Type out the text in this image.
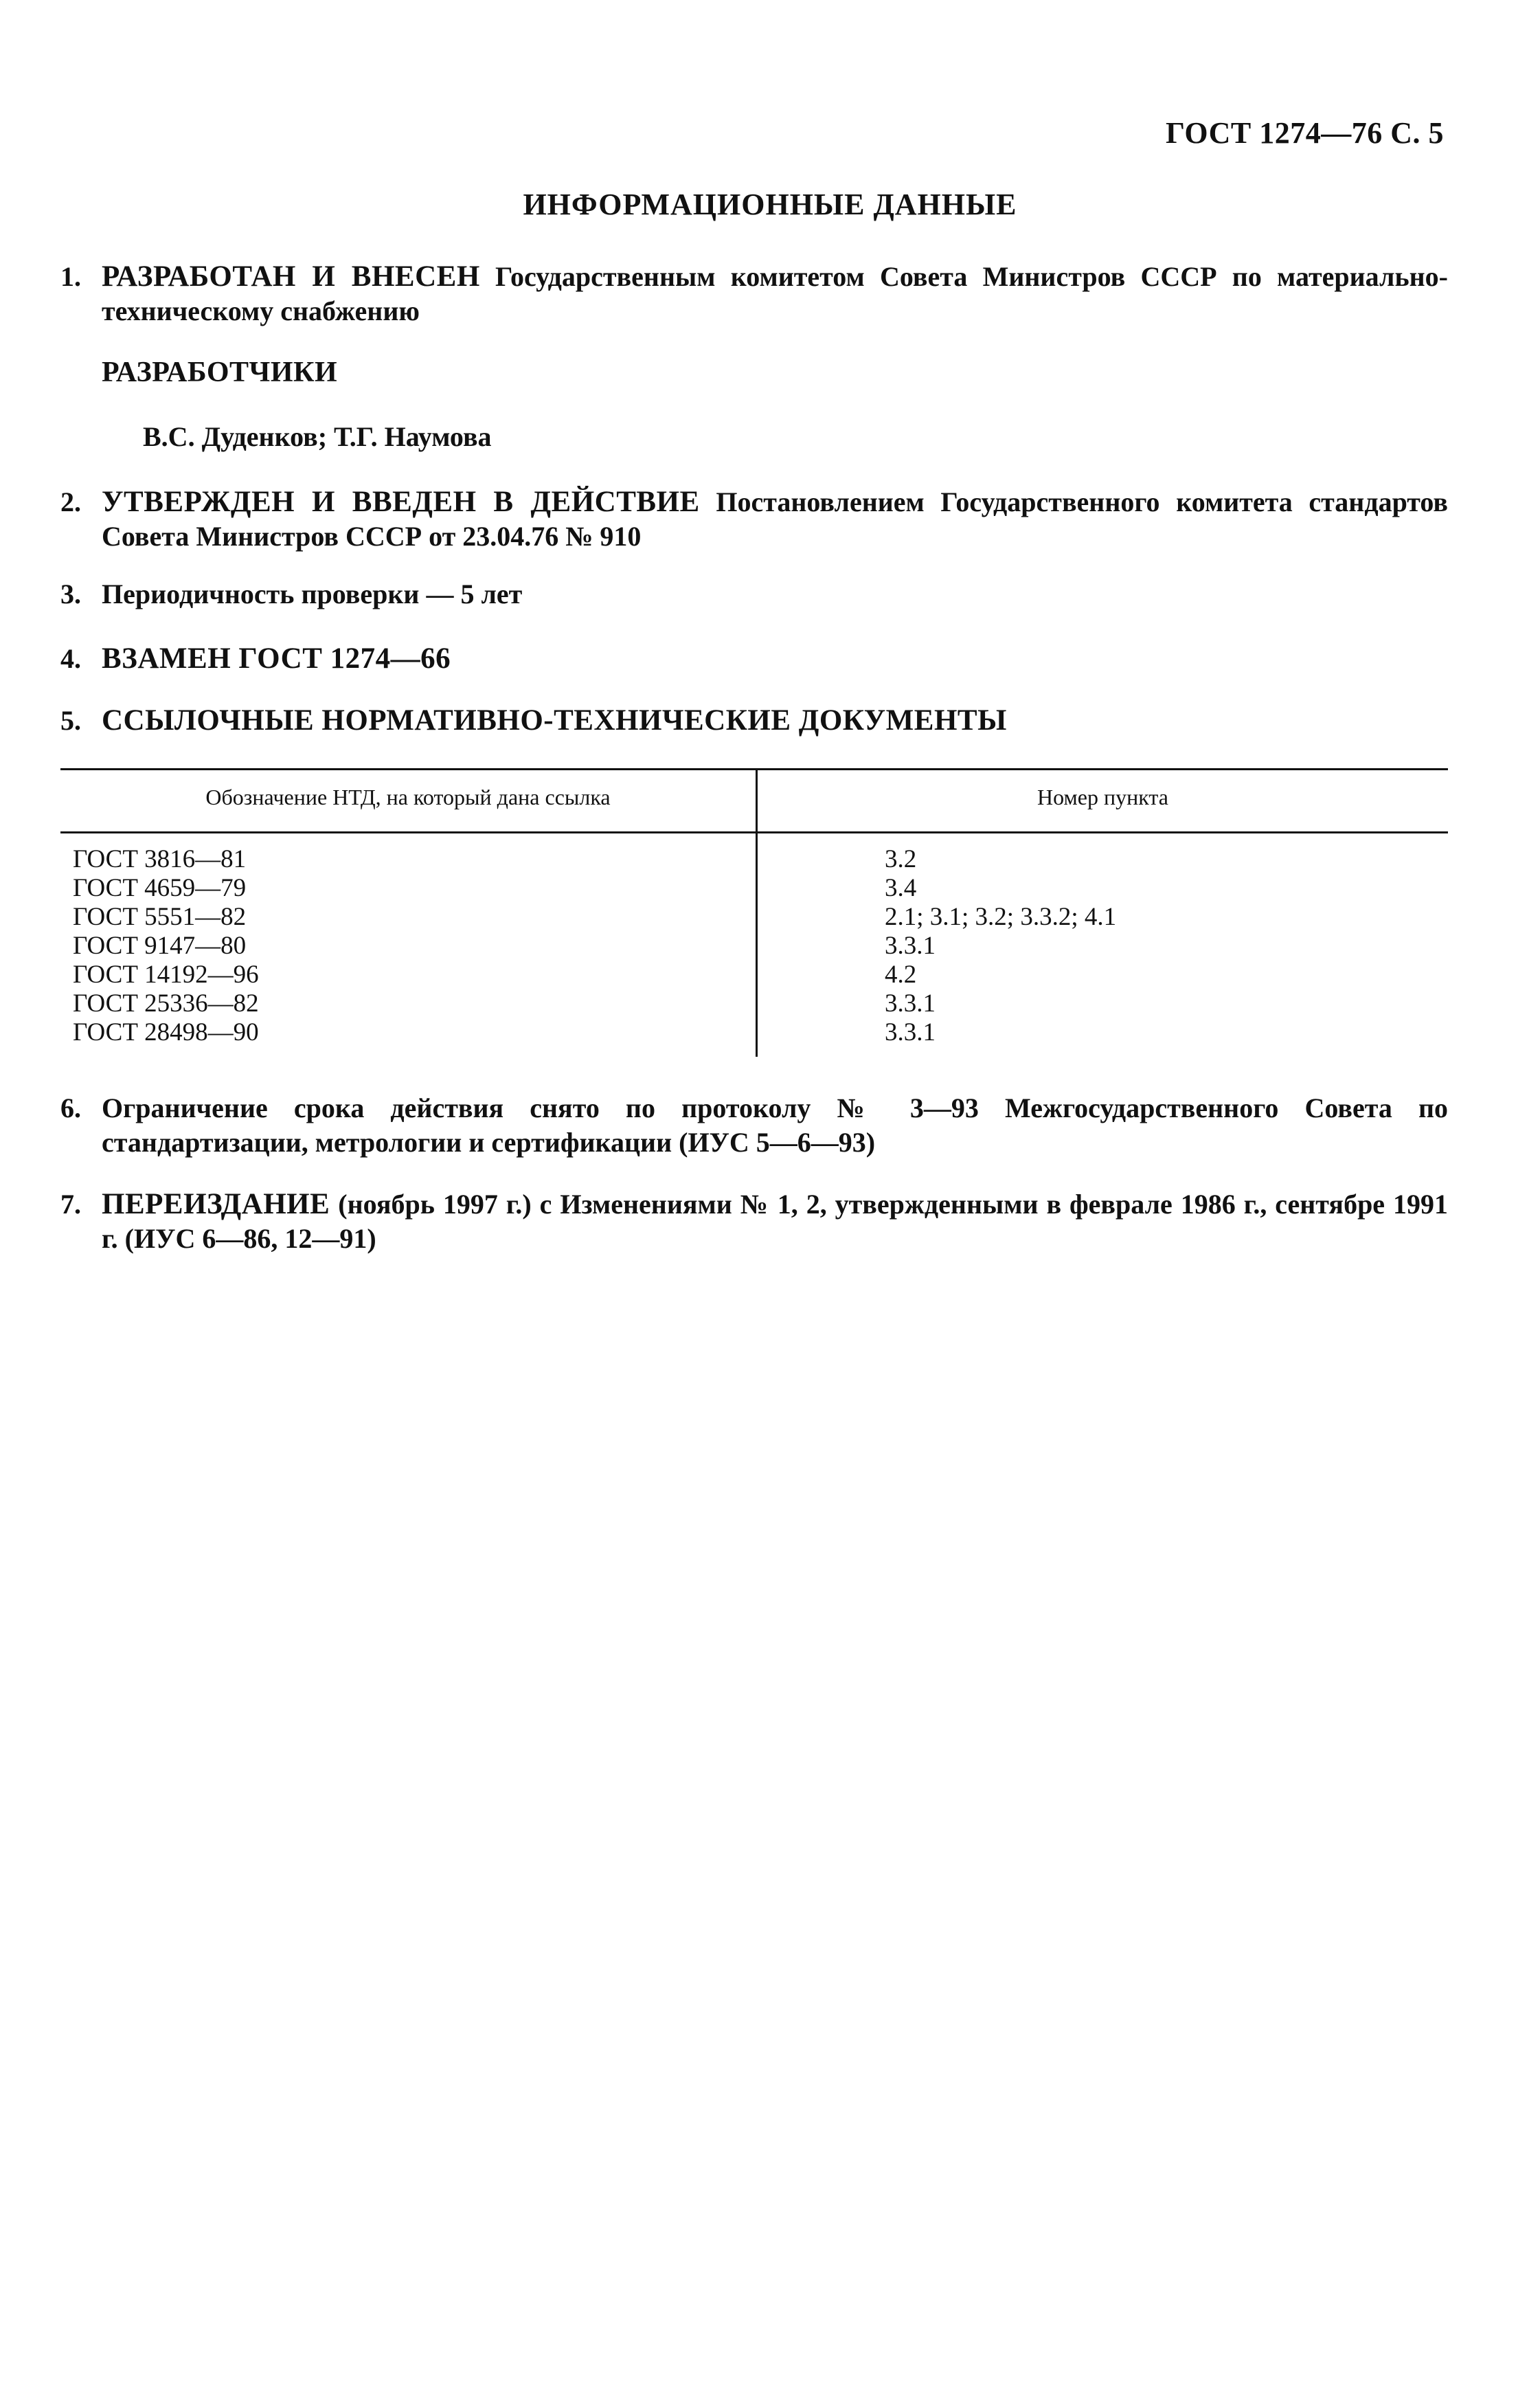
ГОСТ 1274—76 С. 5
ИНФОРМАЦИОННЫЕ ДАННЫЕ
1. РАЗРАБОТАН И ВНЕСЕН Государственным комитетом Совета Министров СССР по материально-техническому снабжению
РАЗРАБОТЧИКИ
В.С. Дуденков; Т.Г. Наумова
2. УТВЕРЖДЕН И ВВЕДЕН В ДЕЙСТВИЕ Постановлением Государственного комитета стандартов Совета Министров СССР от 23.04.76 № 910
3. Периодичность проверки — 5 лет
4. ВЗАМЕН ГОСТ 1274—66
5. ССЫЛОЧНЫЕ НОРМАТИВНО-ТЕХНИЧЕСКИЕ ДОКУМЕНТЫ
Обозначение НТД, на который дана ссылка	Номер пункта
ГОСТ 3816—81	3.2
ГОСТ 4659—79	3.4
ГОСТ 5551—82	2.1; 3.1; 3.2; 3.3.2; 4.1
ГОСТ 9147—80	3.3.1
ГОСТ 14192—96	4.2
ГОСТ 25336—82	3.3.1
ГОСТ 28498—90	3.3.1
6. Ограничение срока действия снято по протоколу № 3—93 Межгосударственного Совета по стандартизации, метрологии и сертификации (ИУС 5—6—93)
7. ПЕРЕИЗДАНИЕ (ноябрь 1997 г.) с Изменениями № 1, 2, утвержденными в феврале 1986 г., сентябре 1991 г. (ИУС 6—86, 12—91)
